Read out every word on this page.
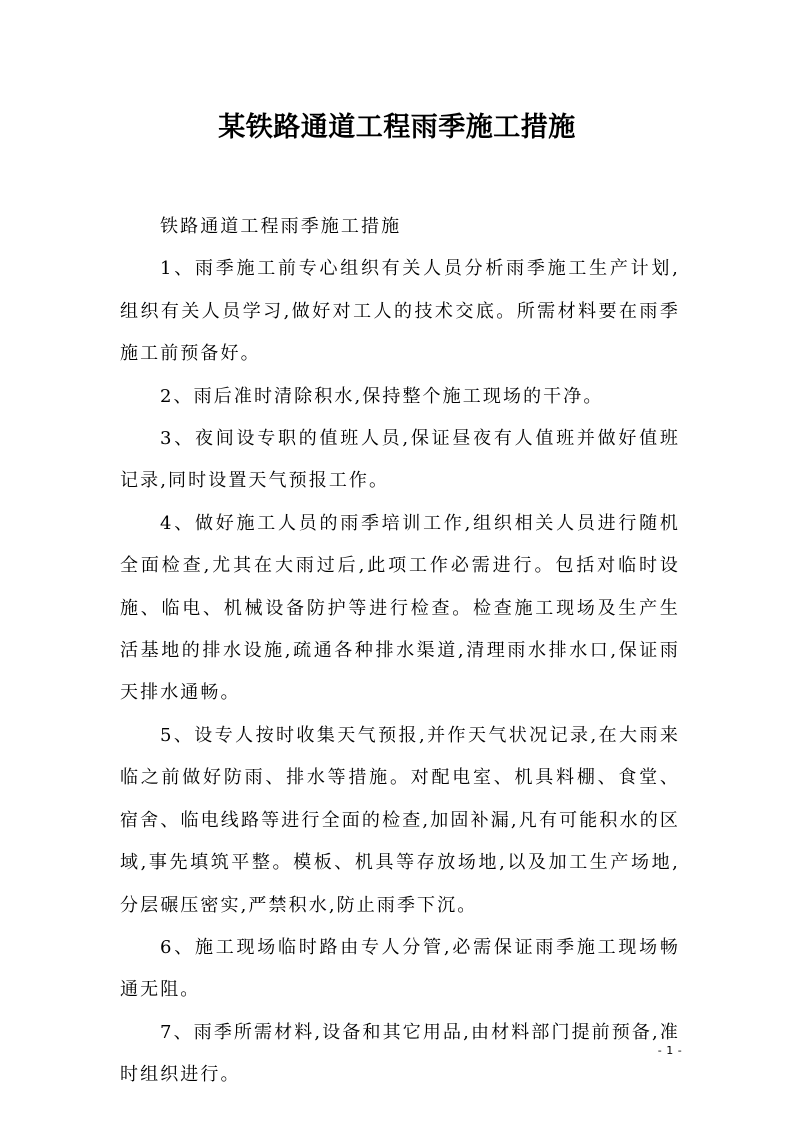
某铁路通道工程雨季施工措施

铁路通道工程雨季施工措施

1、雨季施工前专心组织有关人员分析雨季施工生产计划,组织有关人员学习,做好对工人的技术交底。所需材料要在雨季施工前预备好。

2、雨后准时清除积水,保持整个施工现场的干净。

3、夜间设专职的值班人员,保证昼夜有人值班并做好值班记录,同时设置天气预报工作。

4、做好施工人员的雨季培训工作,组织相关人员进行随机全面检查,尤其在大雨过后,此项工作必需进行。包括对临时设施、临电、机械设备防护等进行检查。检查施工现场及生产生活基地的排水设施,疏通各种排水渠道,清理雨水排水口,保证雨天排水通畅。

5、设专人按时收集天气预报,并作天气状况记录,在大雨来临之前做好防雨、排水等措施。对配电室、机具料棚、食堂、宿舍、临电线路等进行全面的检查,加固补漏,凡有可能积水的区域,事先填筑平整。模板、机具等存放场地,以及加工生产场地,分层碾压密实,严禁积水,防止雨季下沉。

6、施工现场临时路由专人分管,必需保证雨季施工现场畅通无阻。

7、雨季所需材料,设备和其它用品,由材料部门提前预备,准时组织进行。

- 1 -
